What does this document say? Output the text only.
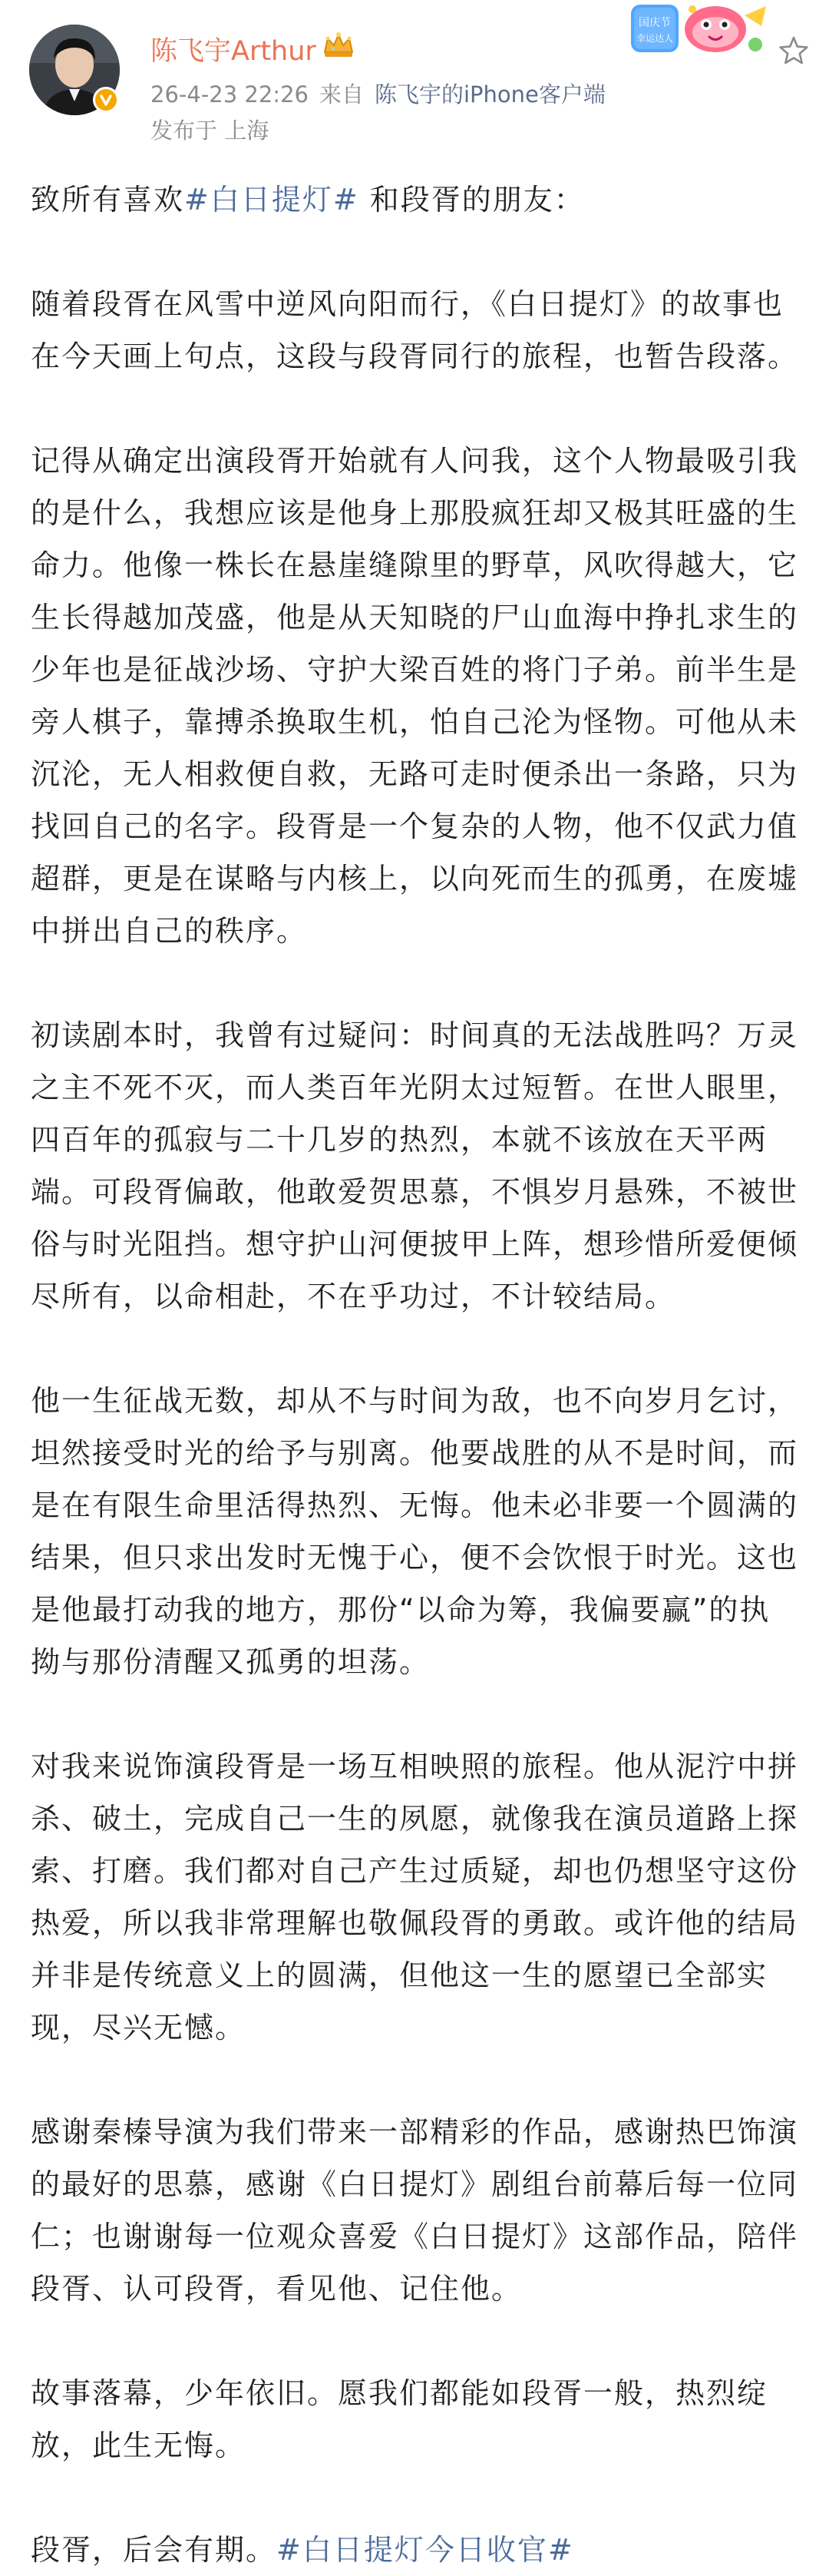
陈飞宇Arthur
26-4-23 22:26 来自 陈飞宇的iPhone客户端
发布于 上海
国庆节
幸运达人

致所有喜欢#白日提灯# 和段胥的朋友：

随着段胥在风雪中逆风向阳而行，《白日提灯》的故事也在今天画上句点，这段与段胥同行的旅程，也暂告段落。

记得从确定出演段胥开始就有人问我，这个人物最吸引我的是什么，我想应该是他身上那股疯狂却又极其旺盛的生命力。他像一株长在悬崖缝隙里的野草，风吹得越大，它生长得越加茂盛，他是从天知晓的尸山血海中挣扎求生的少年也是征战沙场、守护大梁百姓的将门子弟。前半生是旁人棋子，靠搏杀换取生机，怕自己沦为怪物。可他从未沉沦，无人相救便自救，无路可走时便杀出一条路，只为找回自己的名字。段胥是一个复杂的人物，他不仅武力值超群，更是在谋略与内核上，以向死而生的孤勇，在废墟中拼出自己的秩序。

初读剧本时，我曾有过疑问：时间真的无法战胜吗？万灵之主不死不灭，而人类百年光阴太过短暂。在世人眼里，四百年的孤寂与二十几岁的热烈，本就不该放在天平两端。可段胥偏敢，他敢爱贺思慕，不惧岁月悬殊，不被世俗与时光阻挡。想守护山河便披甲上阵，想珍惜所爱便倾尽所有，以命相赴，不在乎功过，不计较结局。

他一生征战无数，却从不与时间为敌，也不向岁月乞讨，坦然接受时光的给予与别离。他要战胜的从不是时间，而是在有限生命里活得热烈、无悔。他未必非要一个圆满的结果，但只求出发时无愧于心，便不会饮恨于时光。这也是他最打动我的地方，那份“以命为筹，我偏要赢”的执拗与那份清醒又孤勇的坦荡。

对我来说饰演段胥是一场互相映照的旅程。他从泥泞中拼杀、破土，完成自己一生的夙愿，就像我在演员道路上探索、打磨。我们都对自己产生过质疑，却也仍想坚守这份热爱，所以我非常理解也敬佩段胥的勇敢。或许他的结局并非是传统意义上的圆满，但他这一生的愿望已全部实现，尽兴无憾。

感谢秦榛导演为我们带来一部精彩的作品，感谢热巴饰演的最好的思慕，感谢《白日提灯》剧组台前幕后每一位同仁；也谢谢每一位观众喜爱《白日提灯》这部作品，陪伴段胥、认可段胥，看见他、记住他。

故事落幕，少年依旧。愿我们都能如段胥一般，热烈绽放，此生无悔。

段胥，后会有期。#白日提灯今日收官#
